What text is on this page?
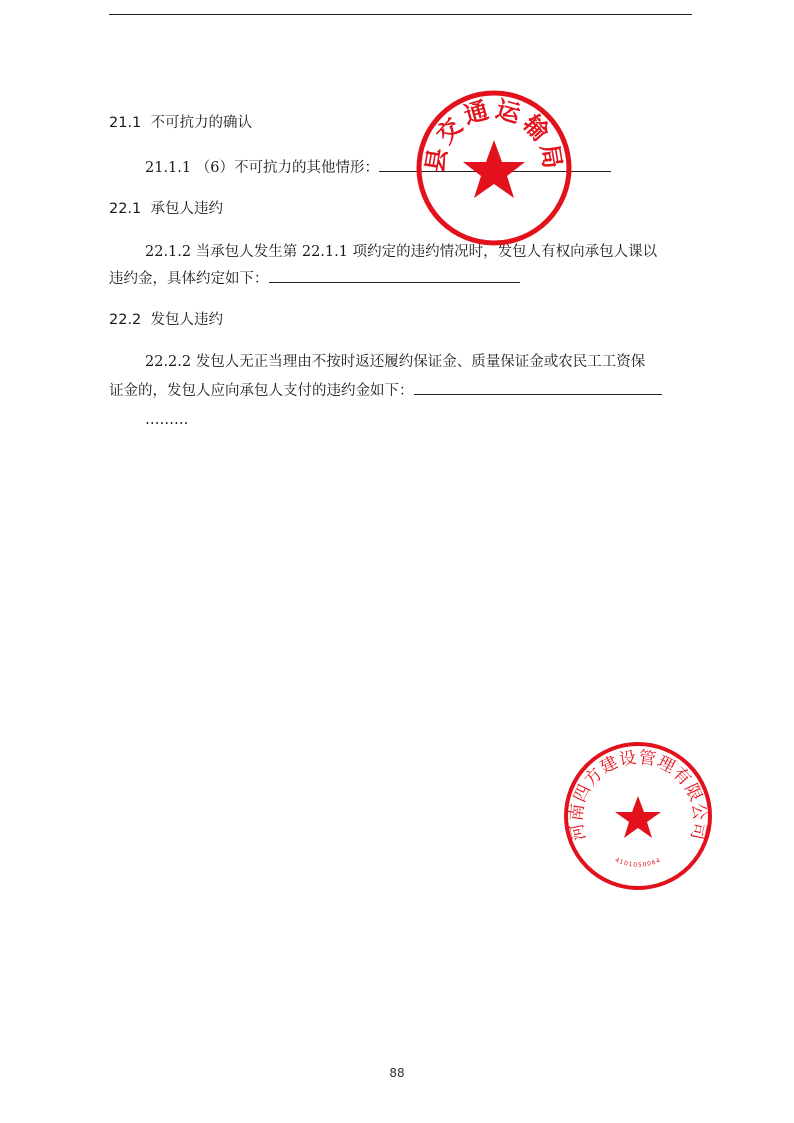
21.1 不可抗力的确认
21.1.1 （6）不可抗力的其他情形：
22.1 承包人违约
22.1.2 当承包人发生第 22.1.1 项约定的违约情况时，发包人有权向承包人课以
违约金，具体约定如下：
22.2 发包人违约
22.2.2 发包人无正当理由不按时返还履约保证金、质量保证金或农民工工资保
证金的，发包人应向承包人支付的违约金如下：
………
县交通运输局
河南四方建设管理有限公司
4101050064
88
